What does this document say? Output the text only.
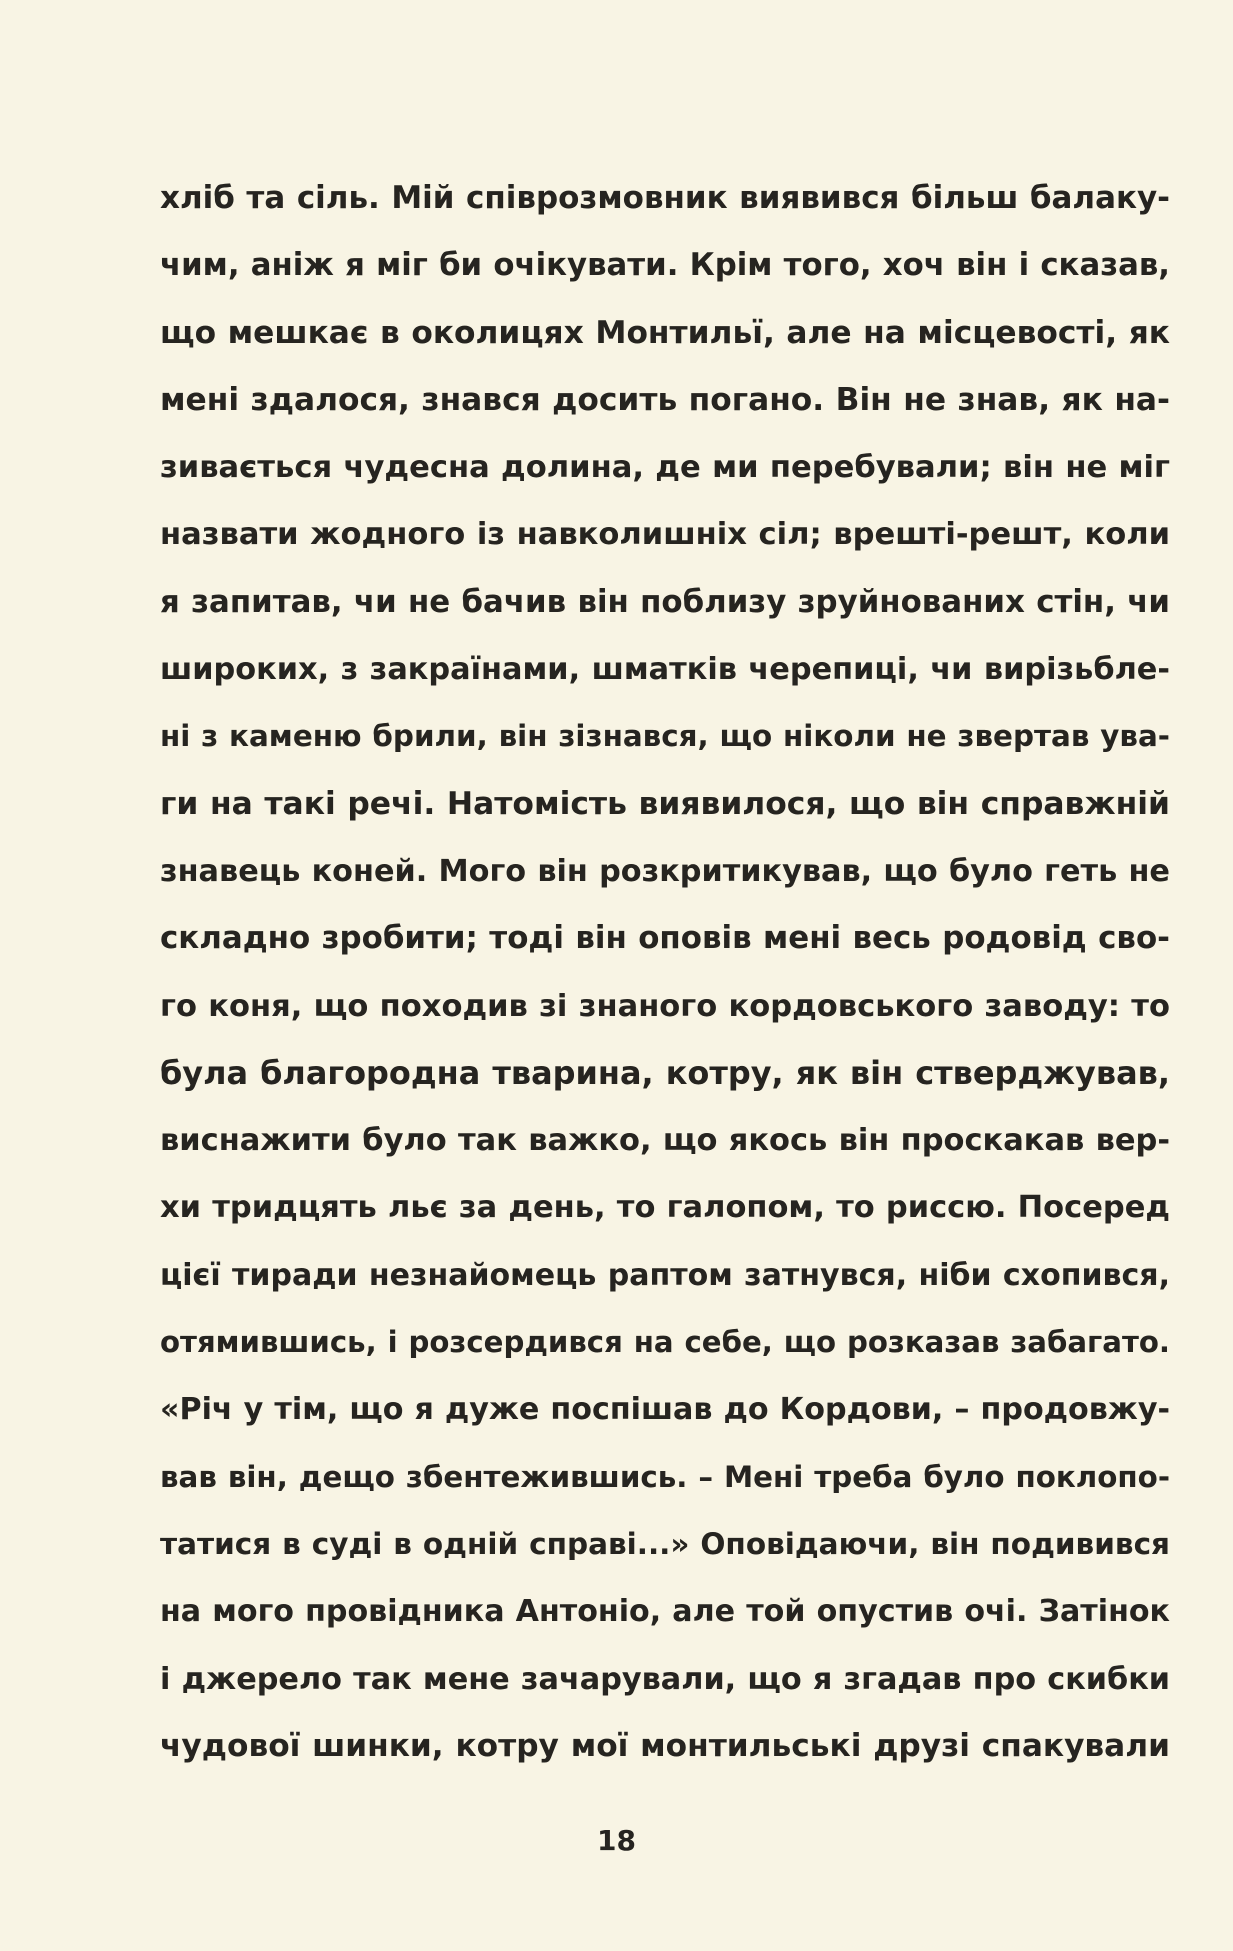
хліб та сіль. Мій співрозмовник виявився більш балаку-
чим, аніж я міг би очікувати. Крім того, хоч він і сказав,
що мешкає в околицях Монтильї, але на місцевості, як
мені здалося, знався досить погано. Він не знав, як на-
зивається чудесна долина, де ми перебували; він не міг
назвати жодного із навколишніх сіл; врешті-решт, коли
я запитав, чи не бачив він поблизу зруйнованих стін, чи
широких, з закраїнами, шматків черепиці, чи вирізьбле-
ні з каменю брили, він зізнався, що ніколи не звертав ува-
ги на такі речі. Натомість виявилося, що він справжній
знавець коней. Мого він розкритикував, що було геть не
складно зробити; тоді він оповів мені весь родовід сво-
го коня, що походив зі знаного кордовського заводу: то
була благородна тварина, котру, як він стверджував,
виснажити було так важко, що якось він проскакав вер-
хи тридцять льє за день, то галопом, то риссю. Посеред
цієї тиради незнайомець раптом затнувся, ніби схопився,
отямившись, і розсердився на себе, що розказав забагато.
«Річ у тім, що я дуже поспішав до Кордови, – продовжу-
вав він, дещо збентежившись. – Мені треба було поклопо-
татися в суді в одній справі...» Оповідаючи, він подивився
на мого провідника Антоніо, але той опустив очі. Затінок
і джерело так мене зачарували, що я згадав про скибки
чудової шинки, котру мої монтильські друзі спакували
18
